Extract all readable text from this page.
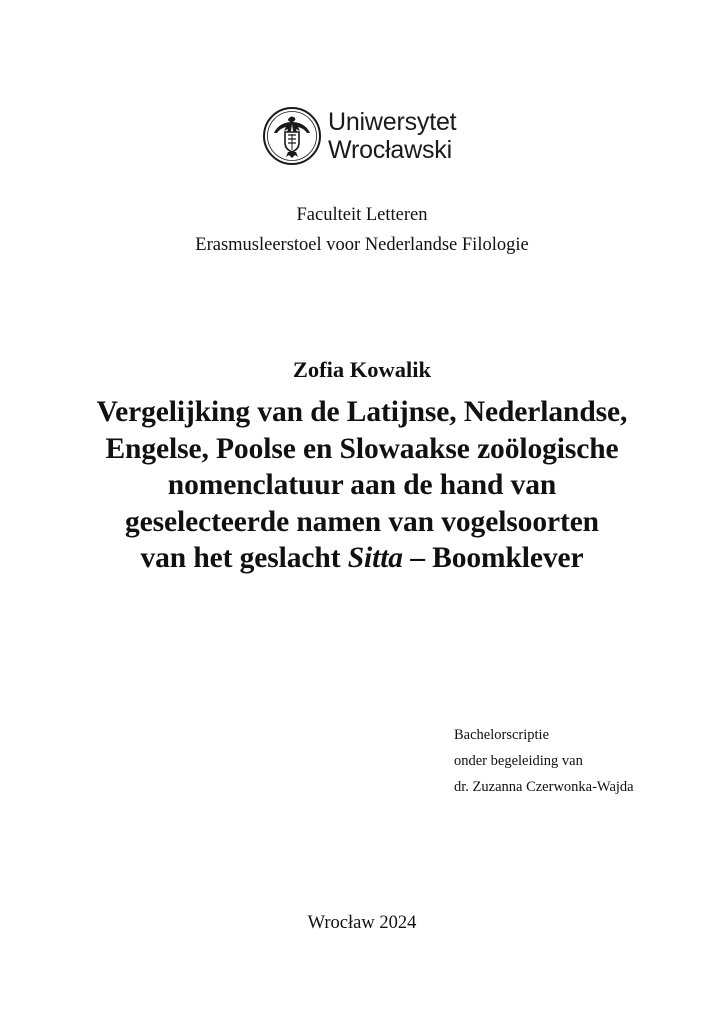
Uniwersytet
Wrocławski
Faculteit Letteren
Erasmusleerstoel voor Nederlandse Filologie
Zofia Kowalik
Vergelijking van de Latijnse, Nederlandse,
Engelse, Poolse en Slowaakse zoölogische
nomenclatuur aan de hand van
geselecteerde namen van vogelsoorten
van het geslacht Sitta – Boomklever
Bachelorscriptie
onder begeleiding van
dr. Zuzanna Czerwonka-Wajda
Wrocław 2024
